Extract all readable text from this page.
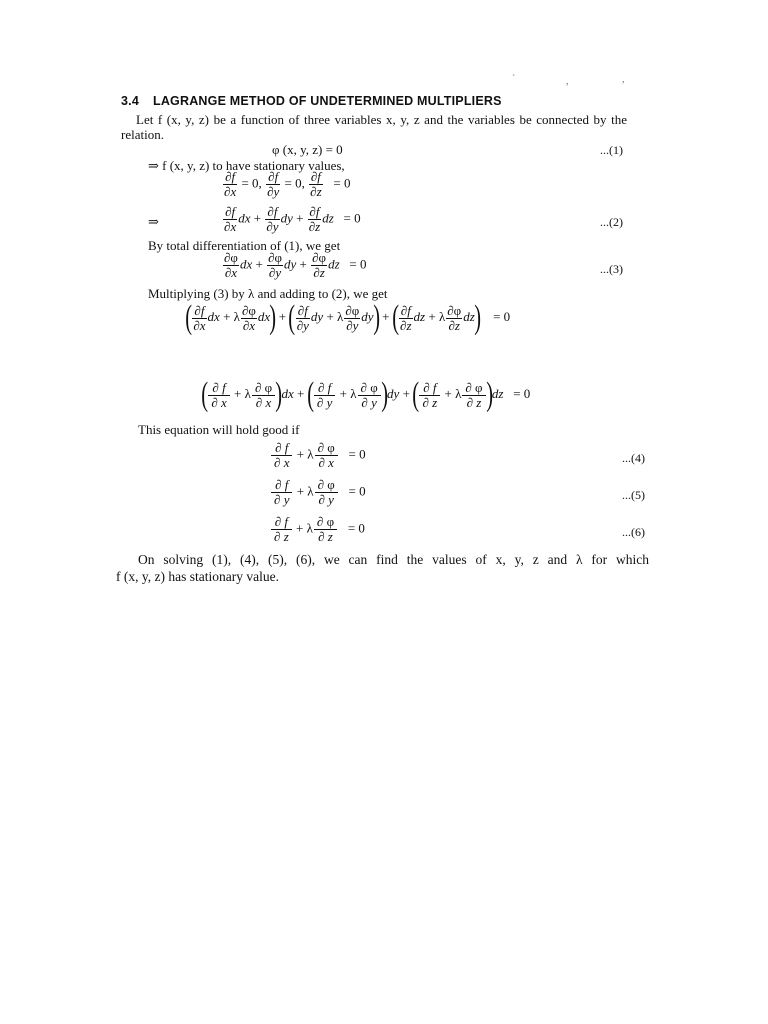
`	,	,
3.4 LAGRANGE METHOD OF UNDETERMINED MULTIPLIERS
Let f (x, y, z) be a function of three variables x, y, z and the variables be connected by the
relation.
φ (x, y, z) = 0	...(1)
⇒ f (x, y, z) to have stationary values,
$\frac{\partial f}{\partial x} = 0$, $\frac{\partial f}{\partial y} = 0$, $\frac{\partial f}{\partial z} = 0$
⇒	$\frac{\partial f}{\partial x}$ dx + $\frac{\partial f}{\partial y}$ dy + $\frac{\partial f}{\partial z}$ dz = 0	...(2)
By total differentiation of (1), we get
$\frac{\partial\varphi}{\partial x}$ dx + $\frac{\partial\varphi}{\partial y}$ dy + $\frac{\partial\varphi}{\partial z}$ dz = 0	...(3)
Multiplying (3) by λ and adding to (2), we get
( $\frac{\partial f}{\partial x}$ dx + λ $\frac{\partial\varphi}{\partial x} dx$) + ( $\frac{\partial f}{\partial y}$ dy + λ $\frac{\partial\varphi}{\partial y} dy$) + ( $\frac{\partial f}{\partial z}$ dz + λ $\frac{\partial\varphi}{\partial z} dz) = 0$
( $\frac{\partial f}{\partial x} + \lambda \frac{\partial \varphi}{\partial x} )dx$ + ( $\frac{\partial f}{\partial y} + \lambda \frac{\partial \varphi}{\partial y} )dy$ + ( $\frac{\partial f}{\partial z} + \lambda \frac{\partial \varphi}{\partial z} )dz = 0$
This equation will hold good if
$\frac{\partial f}{\partial x} + \lambda \frac{\partial \varphi}{\partial x} = 0$	...(4)
$\frac{\partial f}{\partial y} + \lambda \frac{\partial \varphi}{\partial y} = 0$	...(5)
$\frac{\partial f}{\partial z} + \lambda \frac{\partial \varphi}{\partial z} = 0$	...(6)
On solving (1), (4), (5), (6), we can find the values of x, y, z and λ for which
f (x, y, z) has stationary value.
